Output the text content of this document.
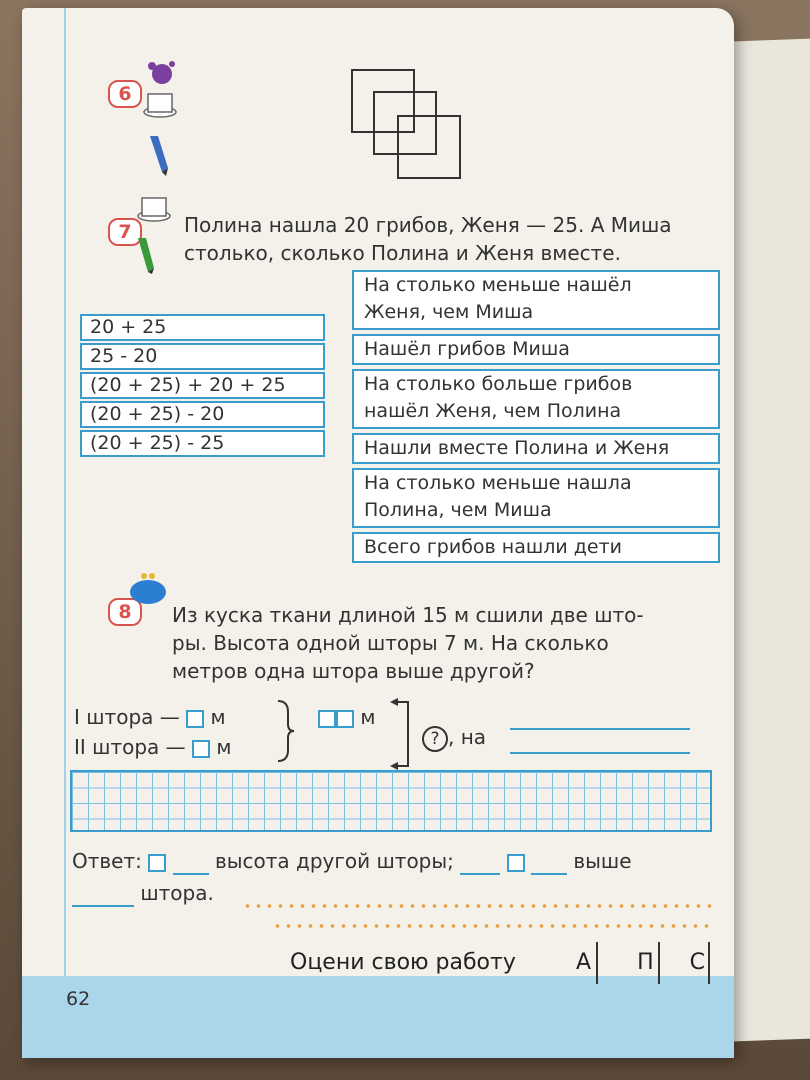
6
7	Полина нашла 20 грибов, Женя — 25. А Миша
столько, сколько Полина и Женя вместе.
20 + 25
25 - 20
(20 + 25) + 20 + 25
(20 + 25) - 20
(20 + 25) - 25
На столько меньше нашёл
Женя, чем Миша
Нашёл грибов Миша
На столько больше грибов
нашёл Женя, чем Полина
Нашли вместе Полина и Женя
На столько меньше нашла
Полина, чем Миша
Всего грибов нашли дети
8	Из куска ткани длиной 15 м сшили две што-
ры. Высота одной шторы 7 м. На сколько
метров одна штора выше другой?
I штора — м
II штора — м
м
? , на
Ответ:	высота другой шторы;	выше
штора.
Оцени свою работу	А П С
62
